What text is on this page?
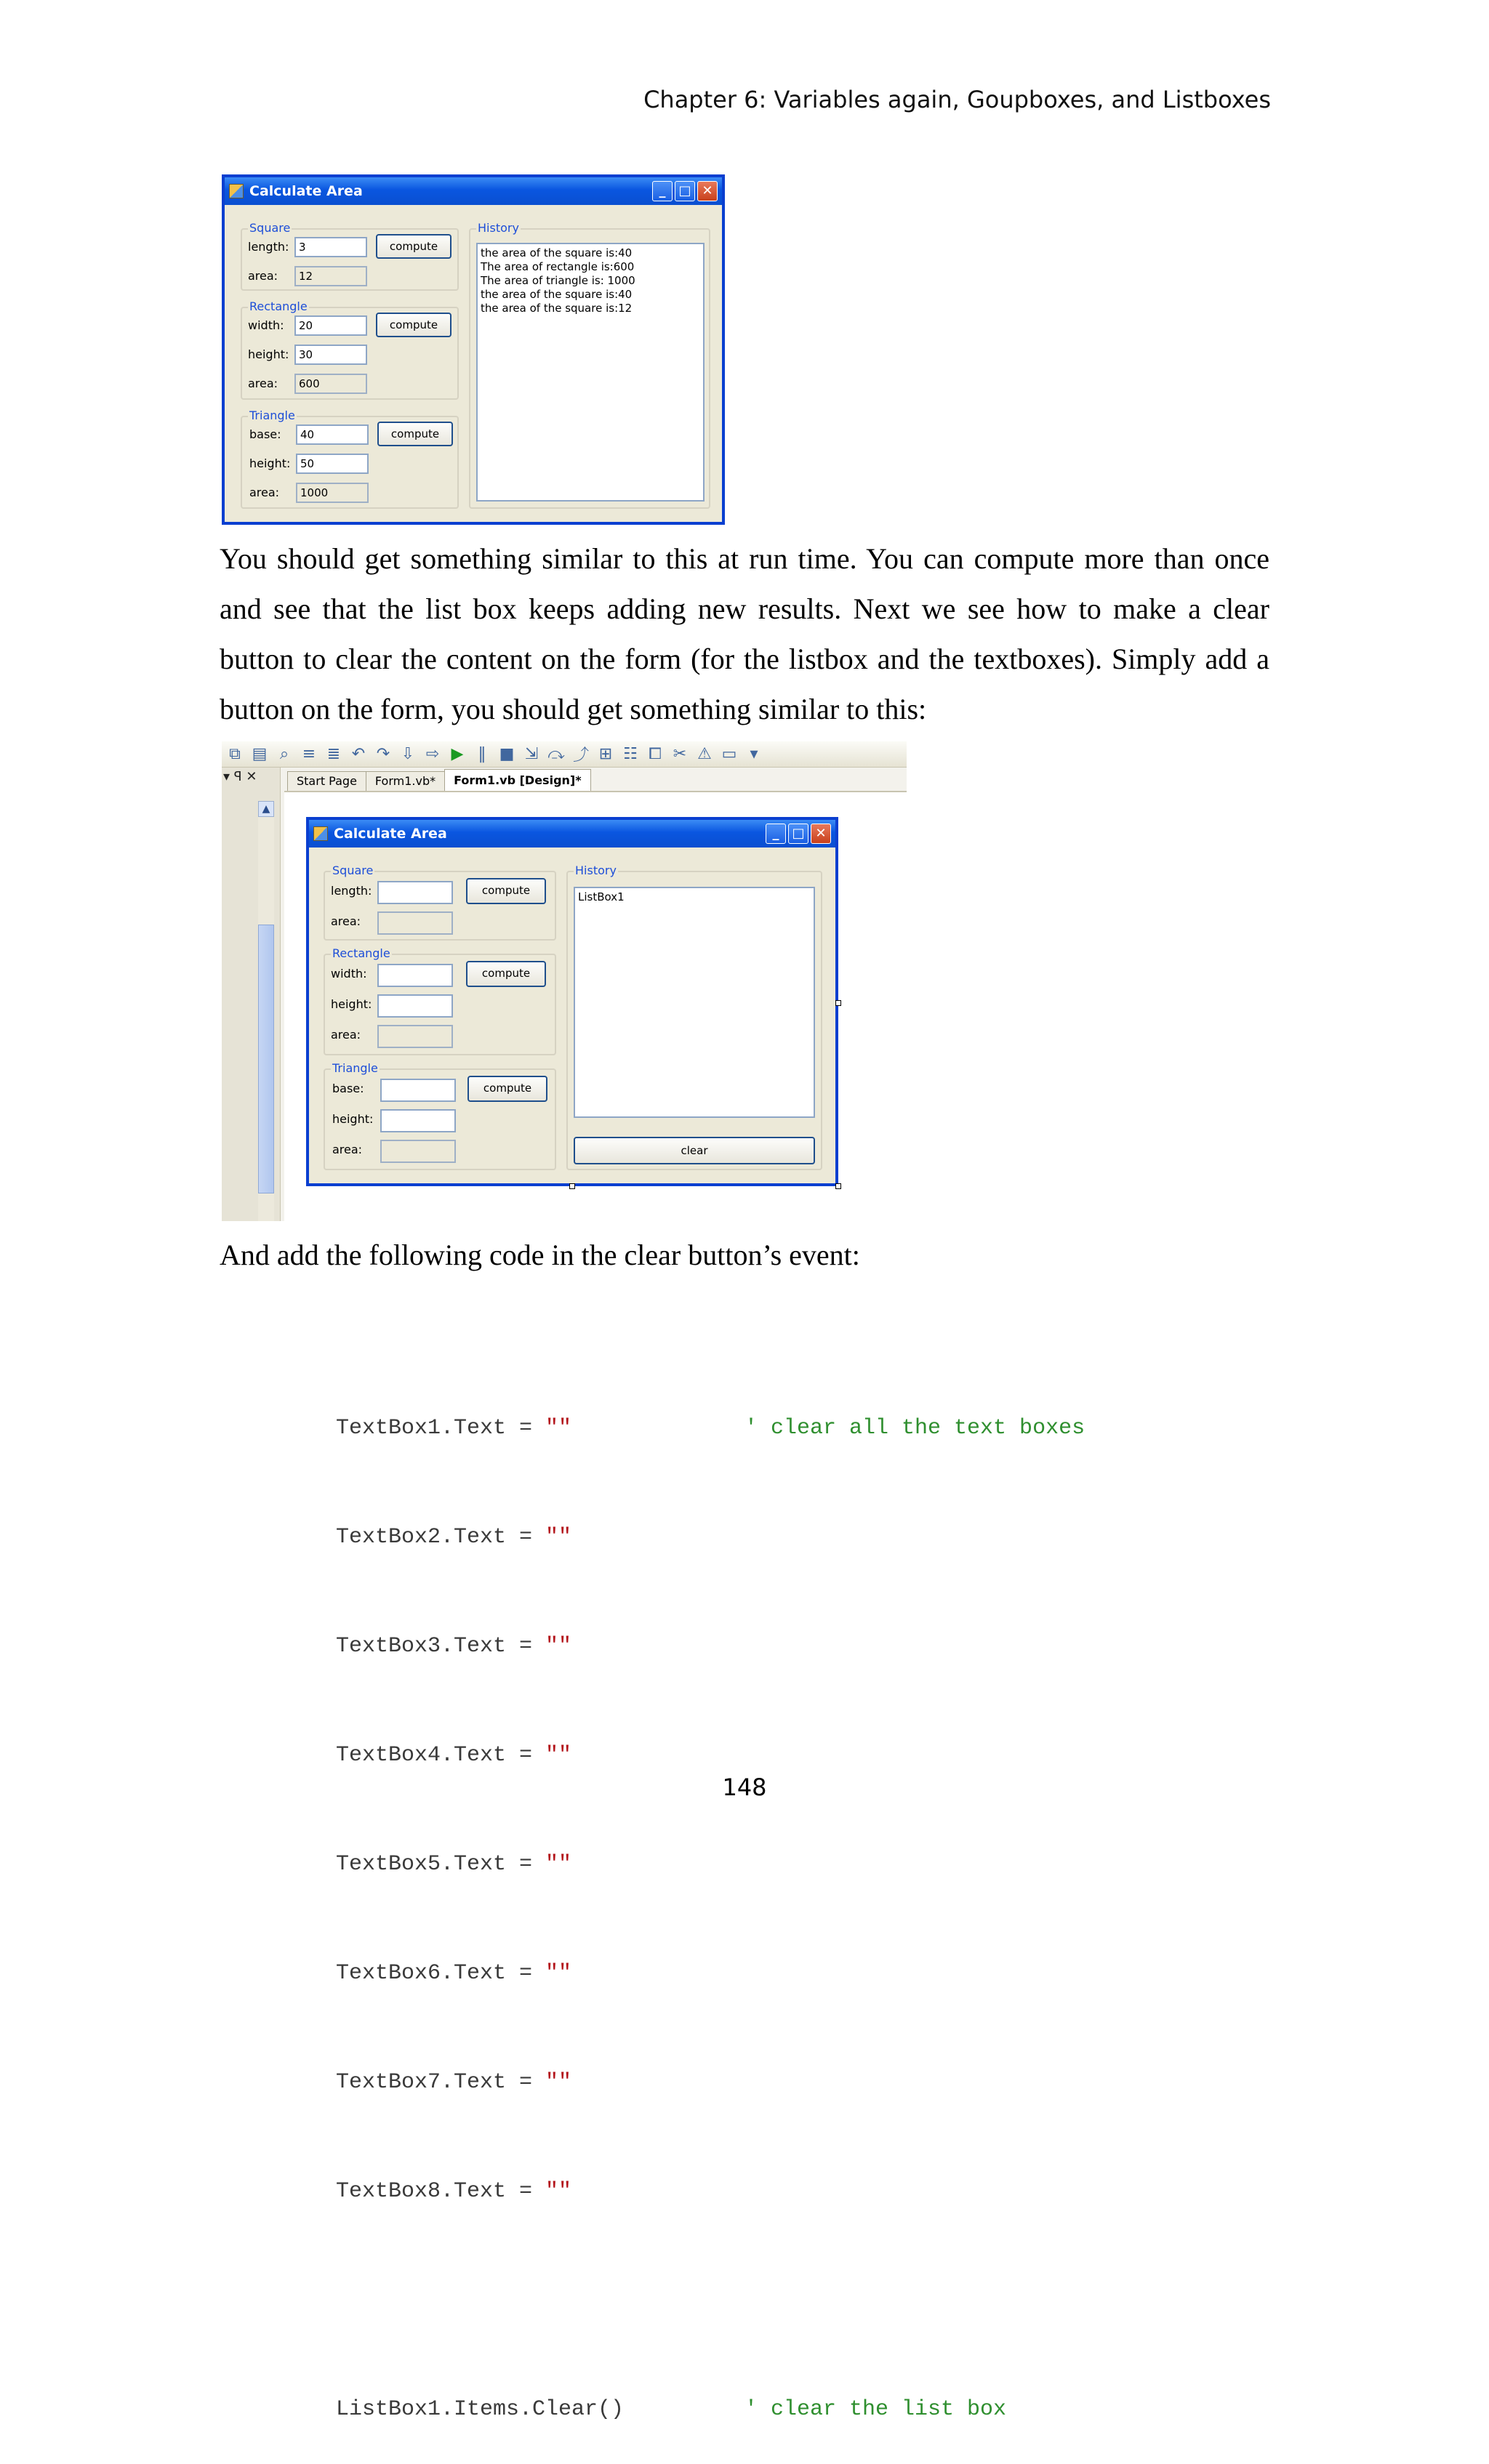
Chapter 6: Variables again, Goupboxes, and Listboxes
Calculate Area	_ □ ✕
Square
length: 3	compute
area:	12
Rectangle
width:	20	compute
height: 30
area:	600
Triangle
base:	40	compute
height: 50
area:	1000
History
the area of the square is:40
The area of rectangle is:600
The area of triangle is: 1000
the area of the square is:40
the area of the square is:12

You should get something similar to this at run time. You can compute more than once and see that the list box keeps adding new results. Next we see how to make a clear button to clear the content on the form (for the listbox and the textboxes). Simply add a button on the form, you should get something similar to this:

⧉ ▤ ⌕ ≡ ≣ ↶ ↷ ⇩ ⇨ ▶ ‖ ■ ⇲ ⤼ ⤴ ⊞ ☷ ⧠ ✂ ⚠ ▭ ▾
▾ ꟼ ✕
▲
Start Page	Form1.vb*	Form1.vb [Design]*
Calculate Area	_ □ ✕
Square
length:	compute
area:
Rectangle
width:	compute
height:
area:
Triangle
base:	compute
height:
area:
History
ListBox1
clear

And add the following code in the clear button’s event:

TextBox1.Text = ""	' clear all the text boxes

TextBox2.Text = ""

TextBox3.Text = ""

TextBox4.Text = ""

TextBox5.Text = ""

TextBox6.Text = ""

TextBox7.Text = ""

TextBox8.Text = ""

ListBox1.Items.Clear()	' clear the list box

148
